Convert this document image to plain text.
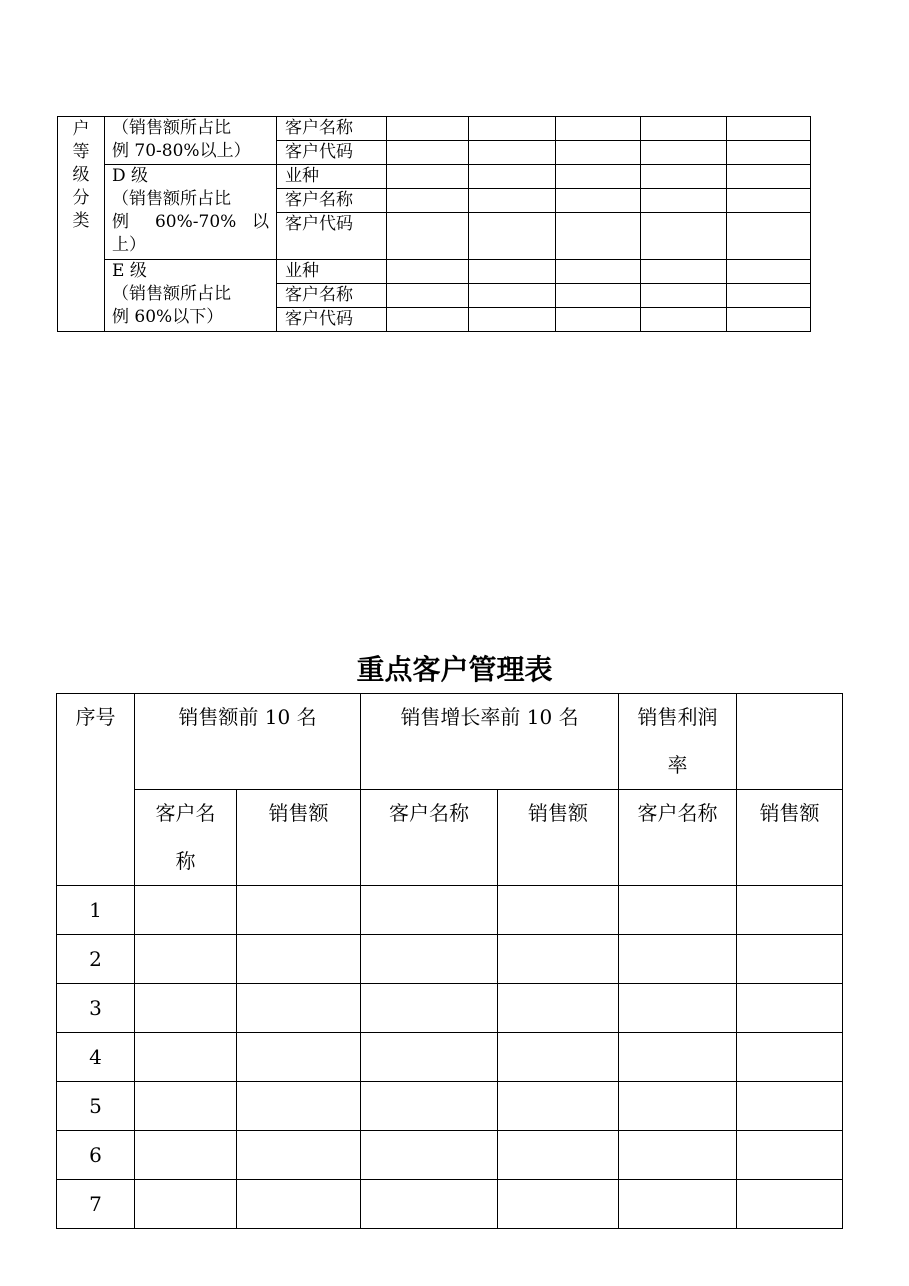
户
等
级
分
类	（销售额所占比
例 70-80%以上）	客户名称					
		客户代码					

	D 级
（销售额所占比
例 60%-70% 以
上）	业种					
		客户名称					
		客户代码					

	E 级
（销售额所占比
例 60%以下）	业种					
		客户名称					
		客户代码					
重点客户管理表
序号	销售额前 10 名		销售增长率前 10 名		销售利润
率	

	客户名
称	销售额	客户名称	销售额	客户名称	销售额

1						
2						
3						
4						
5						
6						
7						
